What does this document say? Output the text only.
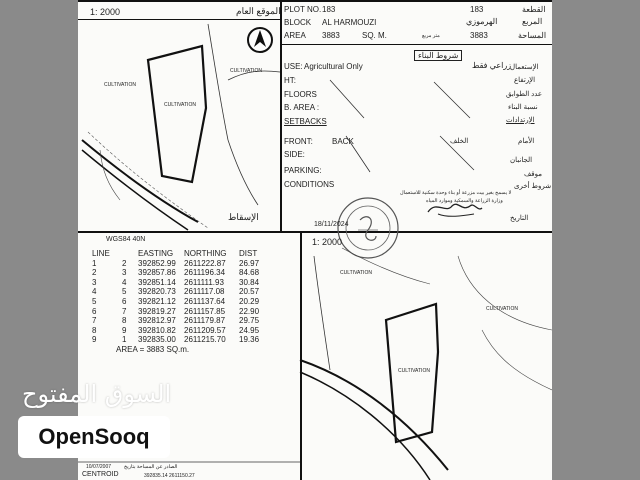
1: 2000	الموقع العام
CULTIVATION
CULTIVATION
CULTIVATION
الإسقاط
PLOT NO. 183	183	القطعة
BLOCK AL HARMOUZI	الهرموزي	المربع
AREA 3883	SQ. M.	متر مربع	3883	المساحة
شروط البناء
USE: Agricultural Only	زراعي فقط
الإستعمال
HT:	الإرتفاع
FLOORS	عدد الطوابق
B. AREA :	نسبة البناء
SETBACKS	الإرتدادات
FRONT: BACK	الخلف	الأمام
SIDE:
الجانبان
PARKING:	موقف
CONDITIONS	شروط أخرى
لا يسمح بغير بيت مزرعة أو بناء وحدة سكنية للاستعمال
وزارة الزراعة والسمكية وموارد المياه
18/11/2024
التاريخ
WGS84 40N	1: 2000
LINE	EASTING	NORTHING	DIST
1	2	392852.99	2611222.87	26.97
2	3	392857.86	2611196.34	84.68
3	4	392851.14	2611111.93	30.84
4	5	392820.73	2611117.08	20.57
5	6	392821.12	2611137.64	20.29
6	7	392819.27	2611157.85	22.90
7	8	392812.97	2611179.87	29.75
8	9	392810.82	2611209.57	24.95
9	1	392835.00	2611215.70	19.36
AREA = 3883 SQ.m.
CULTIVATION
CULTIVATION
CULTIVATION
10/07/2007	الصادر عن المساحة بتاريخ
CENTROID	392835.14 2611150.27
السوق المفتوح
OpenSooq
